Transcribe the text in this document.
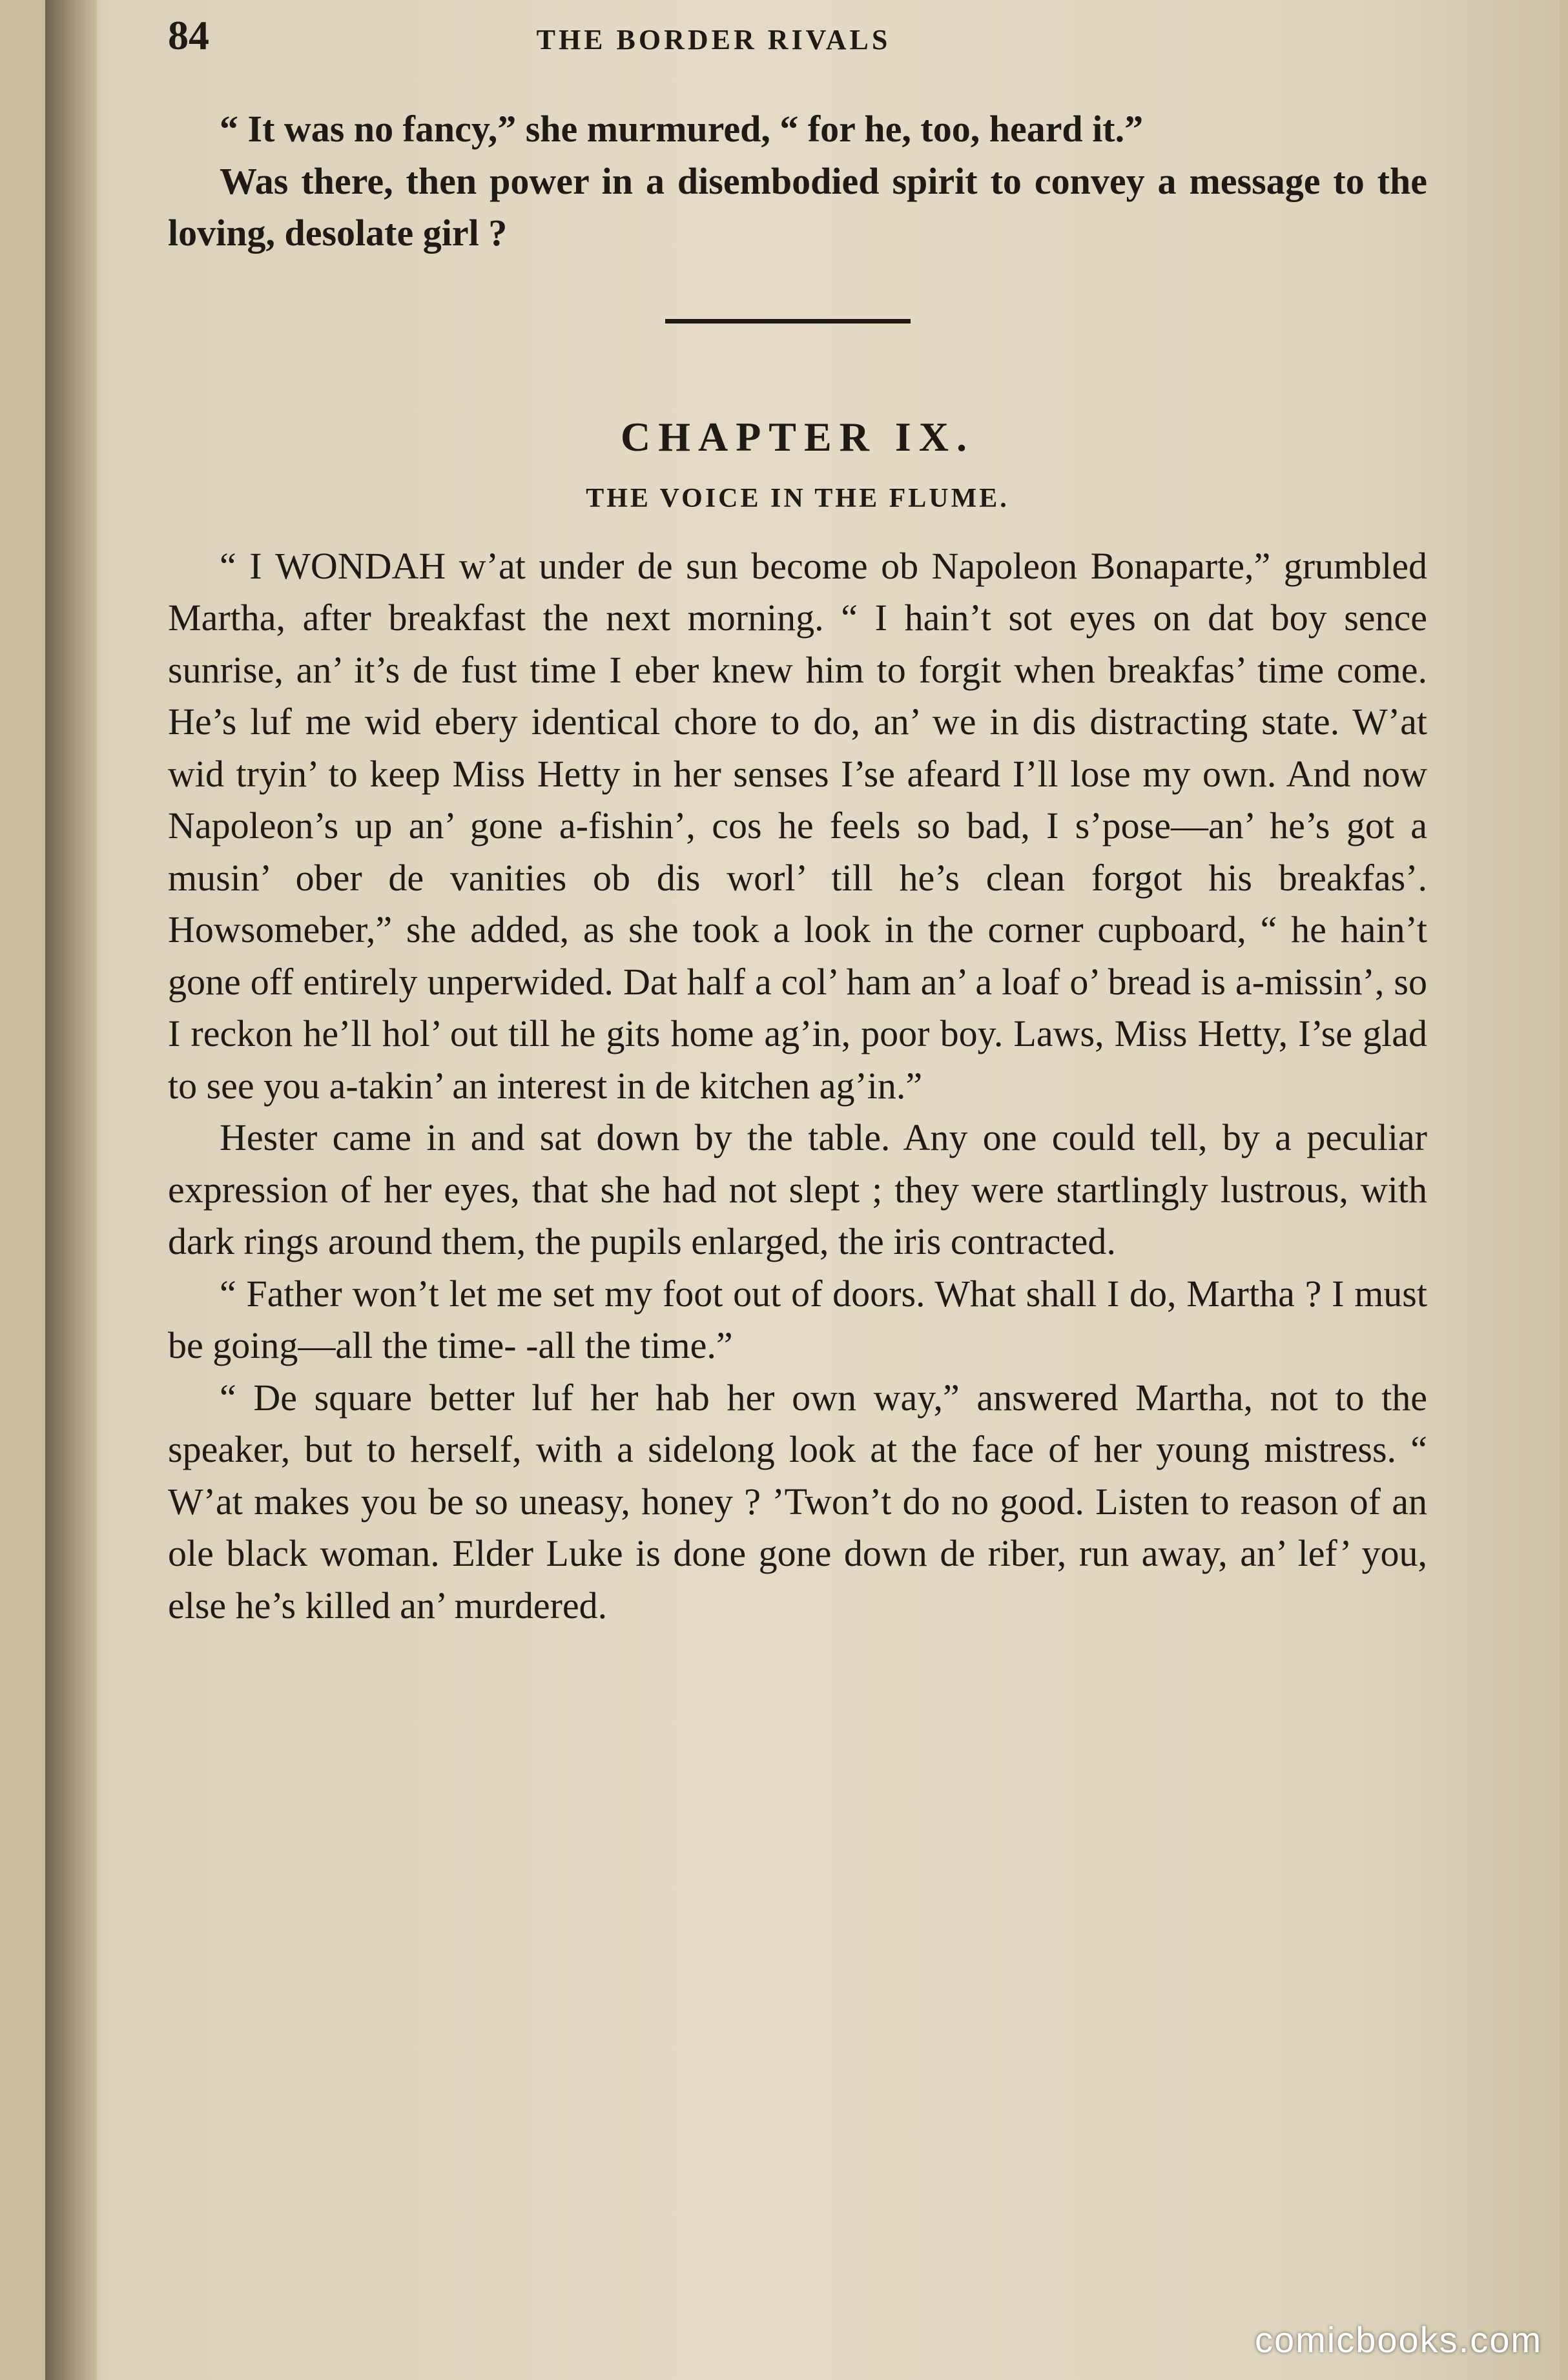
84	THE BORDER RIVALS

“ It was no fancy,” she murmured, “ for he, too, heard it.”

Was there, then power in a disembodied spirit to convey a message to the loving, desolate girl ?

CHAPTER IX.
THE VOICE IN THE FLUME.

“ I WONDAH w’at under de sun become ob Napoleon Bonaparte,” grumbled Martha, after breakfast the next morning. “ I hain’t sot eyes on dat boy sence sunrise, an’ it’s de fust time I eber knew him to forgit when breakfas’ time come. He’s luf me wid ebery identical chore to do, an’ we in dis distracting state. W’at wid tryin’ to keep Miss Hetty in her senses I’se afeard I’ll lose my own. And now Napoleon’s up an’ gone a-fishin’, cos he feels so bad, I s’pose—an’ he’s got a musin’ ober de vanities ob dis worl’ till he’s clean forgot his breakfas’. Howsomeber,” she added, as she took a look in the corner cupboard, “ he hain’t gone off entirely unperwided. Dat half a col’ ham an’ a loaf o’ bread is a-missin’, so I reckon he’ll hol’ out till he gits home ag’in, poor boy. Laws, Miss Hetty, I’se glad to see you a-takin’ an interest in de kitchen ag’in.”

Hester came in and sat down by the table. Any one could tell, by a peculiar expression of her eyes, that she had not slept ; they were startlingly lustrous, with dark rings around them, the pupils enlarged, the iris contracted.

“ Father won’t let me set my foot out of doors. What shall I do, Martha ? I must be going—all the time- -all the time.”

“ De square better luf her hab her own way,” answered Martha, not to the speaker, but to herself, with a sidelong look at the face of her young mistress. “ W’at makes you be so uneasy, honey ? ’Twon’t do no good. Listen to reason of an ole black woman. Elder Luke is done gone down de riber, run away, an’ lef’ you, else he’s killed an’ murdered.

comicbooks.com
